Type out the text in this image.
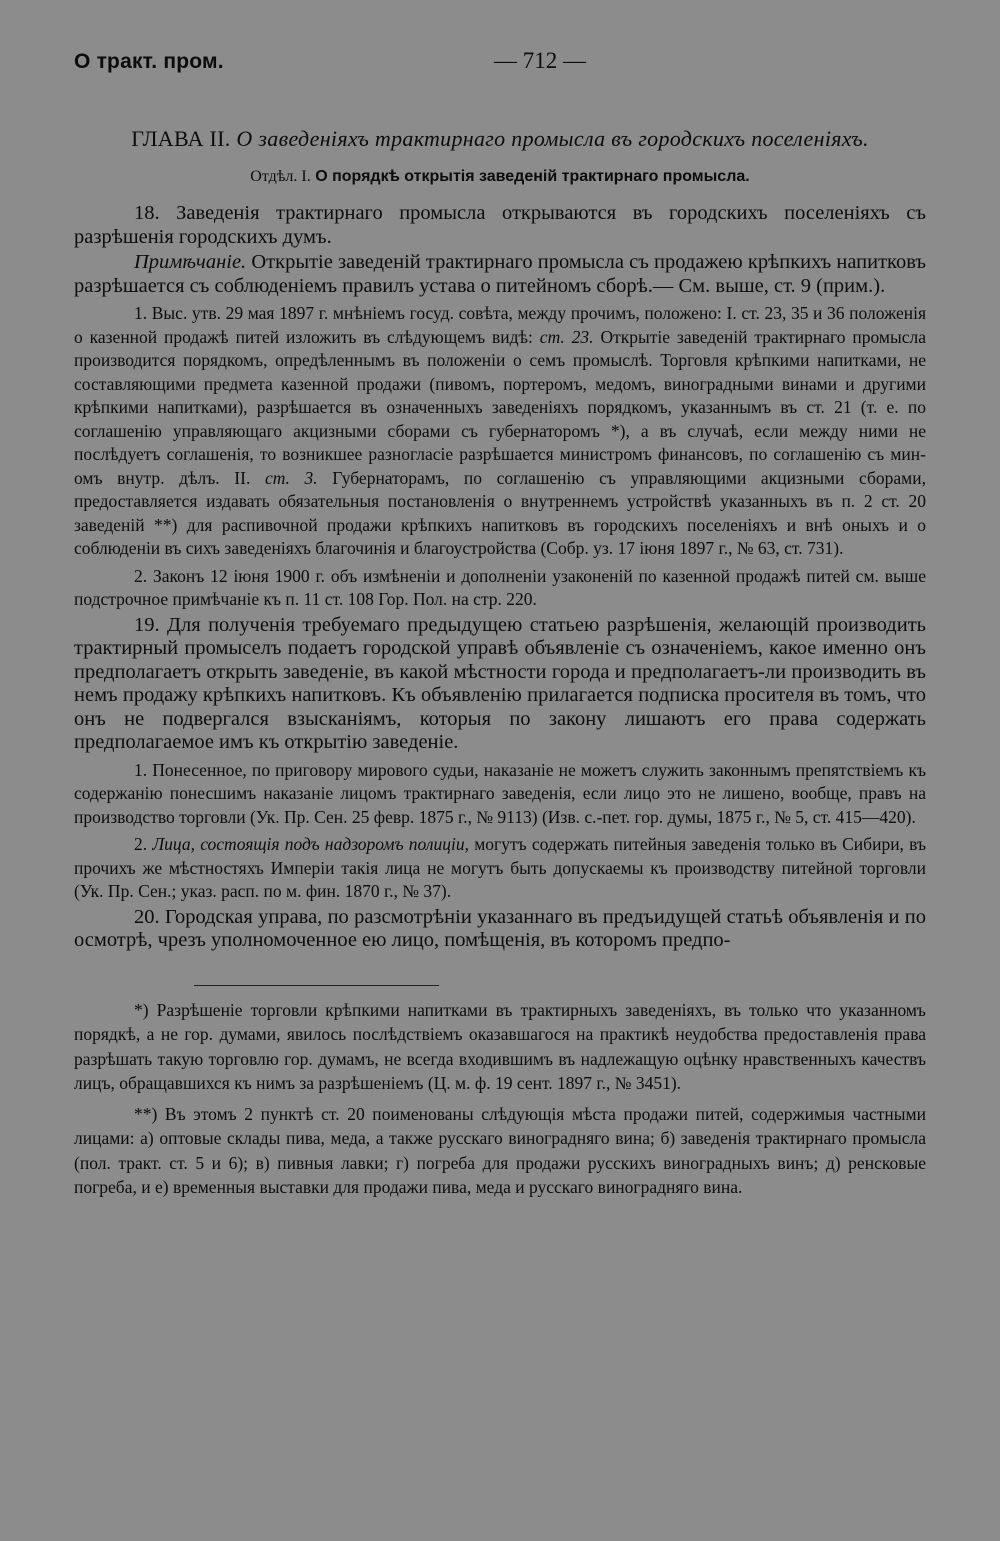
О тракт. пром.	— 712 —
ГЛАВА II. О заведеніяхъ трактирнаго промысла въ городскихъ поселеніяхъ.
Отдѣл. I. О порядкѣ открытія заведеній трактирнаго промысла.

18. Заведенія трактирнаго промысла открываются въ городскихъ поселеніяхъ съ разрѣшенія городскихъ думъ.

Примѣчаніе. Открытіе заведеній трактирнаго промысла съ продажею крѣпкихъ напитковъ разрѣшается съ соблюденіемъ правилъ устава о питейномъ сборѣ.— См. выше, ст. 9 (прим.).

1. Выс. утв. 29 мая 1897 г. мнѣніемъ госуд. совѣта, между прочимъ, положено: I. ст. 23, 35 и 36 положенія о казенной продажѣ питей изложить въ слѣдующемъ видѣ: ст. 23. Открытіе заведеній трактирнаго промысла производится порядкомъ, опредѣленнымъ въ положеніи о семъ промыслѣ. Торговля крѣпкими напитками, не составляющими предмета казенной продажи (пивомъ, портеромъ, медомъ, виноградными винами и другими крѣпкими напитками), разрѣшается въ означенныхъ заведеніяхъ порядкомъ, указаннымъ въ ст. 21 (т. е. по соглашенію управляющаго акцизными сборами съ губернаторомъ *), а въ случаѣ, если между ними не послѣдуетъ соглашенія, то возникшее разногласіе разрѣшается министромъ финансовъ, по соглашенію съ мин-омъ внутр. дѣлъ. II. ст. 3. Губернаторамъ, по соглашенію съ управляющими акцизными сборами, предоставляется издавать обязательныя постановленія о внутреннемъ устройствѣ указанныхъ въ п. 2 ст. 20 заведеній **) для распивочной продажи крѣпкихъ напитковъ въ городскихъ поселеніяхъ и внѣ оныхъ и о соблюденіи въ сихъ заведеніяхъ благочинія и благоустройства (Собр. уз. 17 іюня 1897 г., № 63, ст. 731).

2. Законъ 12 іюня 1900 г. объ измѣненіи и дополненіи узаконеній по казенной продажѣ питей см. выше подстрочное примѣчаніе къ п. 11 ст. 108 Гор. Пол. на стр. 220.

19. Для полученія требуемаго предыдущею статьею разрѣшенія, желающій производить трактирный промыселъ подаетъ городской управѣ объявленіе съ означеніемъ, какое именно онъ предполагаетъ открыть заведеніе, въ какой мѣстности города и предполагаетъ-ли производить въ немъ продажу крѣпкихъ напитковъ. Къ объявленію прилагается подписка просителя въ томъ, что онъ не подвергался взысканіямъ, которыя по закону лишаютъ его права содержать предполагаемое имъ къ открытію заведеніе.

1. Понесенное, по приговору мирового судьи, наказаніе не можетъ служить законнымъ препятствіемъ къ содержанію понесшимъ наказаніе лицомъ трактирнаго заведенія, если лицо это не лишено, вообще, правъ на производство торговли (Ук. Пр. Сен. 25 февр. 1875 г., № 9113) (Изв. с.-пет. гор. думы, 1875 г., № 5, ст. 415—420).

2. Лица, состоящія подъ надзоромъ полиціи, могутъ содержать питейныя заведенія только въ Сибири, въ прочихъ же мѣстностяхъ Имперіи такія лица не могутъ быть допускаемы къ производству питейной торговли (Ук. Пр. Сен.; указ. расп. по м. фин. 1870 г., № 37).

20. Городская управа, по разсмотрѣніи указаннаго въ предъидущей статьѣ объявленія и по осмотрѣ, чрезъ уполномоченное ею лицо, помѣщенія, въ которомъ предпо-

*) Разрѣшеніе торговли крѣпкими напитками въ трактирныхъ заведеніяхъ, въ только что указанномъ порядкѣ, а не гор. думами, явилось послѣдствіемъ оказавшагося на практикѣ неудобства предоставленія права разрѣшать такую торговлю гор. думамъ, не всегда входившимъ въ надлежащую оцѣнку нравственныхъ качествъ лицъ, обращавшихся къ нимъ за разрѣшеніемъ (Ц. м. ф. 19 сент. 1897 г., № 3451).

**) Въ этомъ 2 пунктѣ ст. 20 поименованы слѣдующія мѣста продажи питей, содержимыя частными лицами: а) оптовые склады пива, меда, а также русскаго виноградняго вина; б) заведенія трактирнаго промысла (пол. тракт. ст. 5 и 6); в) пивныя лавки; г) погреба для продажи русскихъ виноградныхъ винъ; д) ренсковые погреба, и е) временныя выставки для продажи пива, меда и русскаго виноградняго вина.
